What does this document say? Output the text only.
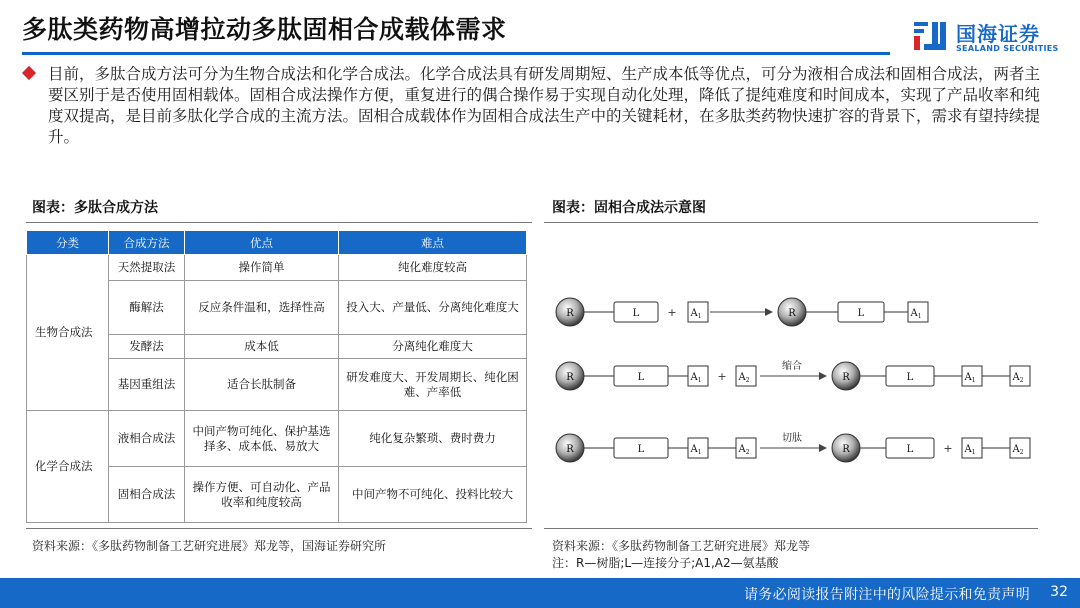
多肽类药物高增拉动多肽固相合成载体需求	国海证券
SEALAND SECURITIES
目前，多肽合成方法可分为生物合成法和化学合成法。化学合成法具有研发周期短、生产成本低等优点，可分为液相合成法和固相合成法，两者主要区别于是否使用固相载体。固相合成法操作方便，重复进行的偶合操作易于实现自动化处理，降低了提纯难度和时间成本，实现了产品收率和纯度双提高，是目前多肽化学合成的主流方法。固相合成载体作为固相合成法生产中的关键耗材，在多肽类药物快速扩容的背景下，需求有望持续提升。
图表：多肽合成方法
分类	合成方法	优点	难点
生物合成法	天然提取法	操作简单	纯化难度较高
	酶解法	反应条件温和，选择性高	投入大、产量低、分离纯化难度大
	发酵法	成本低	分离纯化难度大
	基因重组法	适合长肽制备	研发难度大、开发周期长、纯化困难、产率低
化学合成法	液相合成法	中间产物可纯化、保护基选择多、成本低、易放大	纯化复杂繁琐、费时费力
	固相合成法	操作方便、可自动化、产品收率和纯度较高	中间产物不可纯化、投料比较大
资料来源：《多肽药物制备工艺研究进展》郑龙等，国海证券研究所
图表：固相合成法示意图
R	L	+ $A_1$	R	L	$A_1$
R	L	$A_1 + A_2$
缩合
R	L	$A_1$	$A_2$
R	L	$A_1$	$A_2$
切肽
R	L	+ $A_1$	$A_2$
资料来源：《多肽药物制备工艺研究进展》郑龙等
注：R—树脂;L—连接分子;A1,A2—氨基酸
请务必阅读报告附注中的风险提示和免责声明 32
